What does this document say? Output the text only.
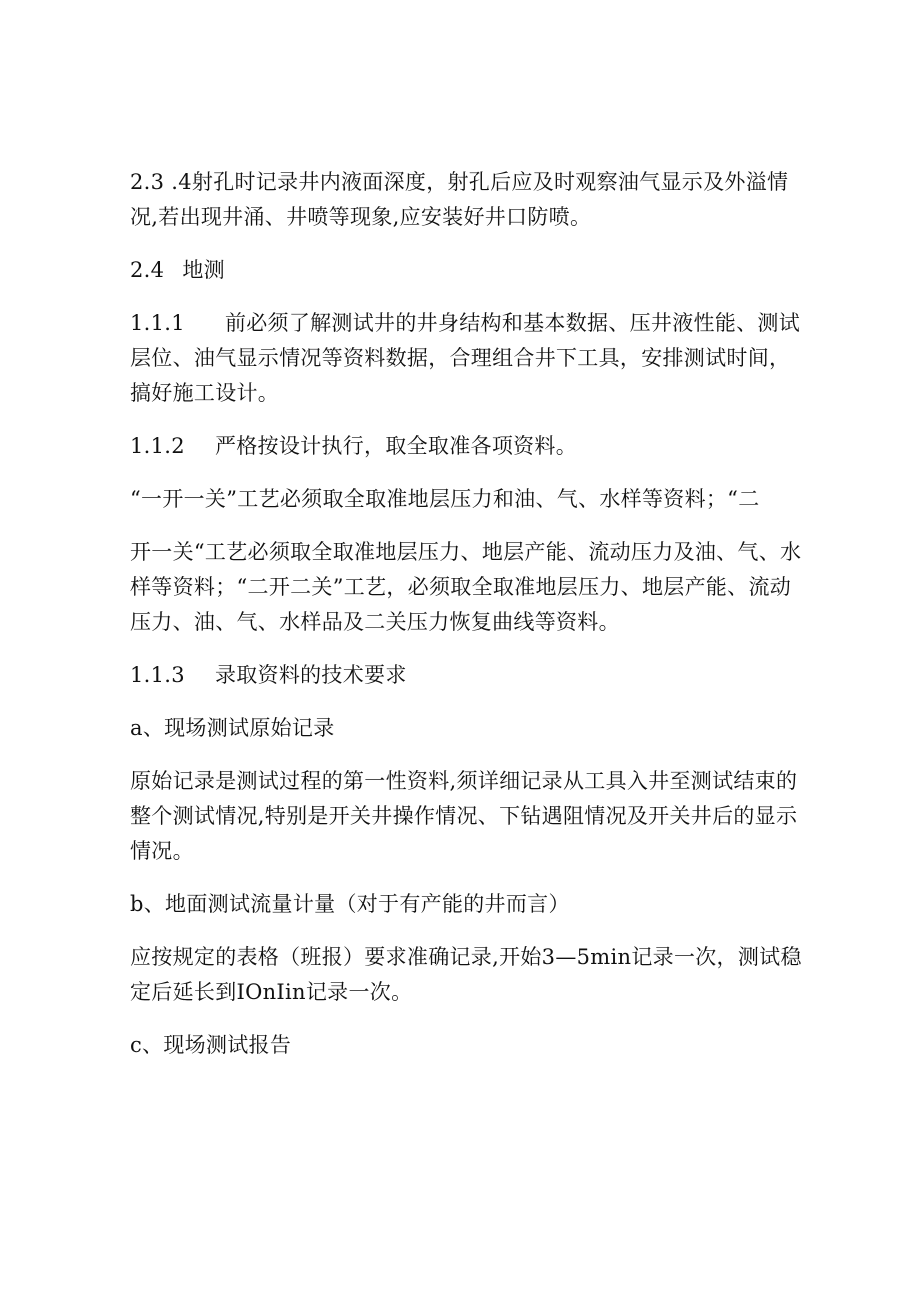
2.3 .4射孔时记录井内液面深度，射孔后应及时观察油气显示及外溢情况,若出现井涌、井喷等现象,应安装好井口防喷。

2.4 地测

1.1.1 前必须了解测试井的井身结构和基本数据、压井液性能、测试层位、油气显示情况等资料数据，合理组合井下工具，安排测试时间，搞好施工设计。

1.1.2 严格按设计执行，取全取准各项资料。

“一开一关”工艺必须取全取准地层压力和油、气、水样等资料；“二

开一关“工艺必须取全取准地层压力、地层产能、流动压力及油、气、水样等资料；“二开二关”工艺，必须取全取准地层压力、地层产能、流动压力、油、气、水样品及二关压力恢复曲线等资料。

1.1.3 录取资料的技术要求

a、现场测试原始记录

原始记录是测试过程的第一性资料,须详细记录从工具入井至测试结束的整个测试情况,特别是开关井操作情况、下钻遇阻情况及开关井后的显示情况。

b、地面测试流量计量（对于有产能的井而言）

应按规定的表格（班报）要求准确记录,开始3—5min记录一次，测试稳定后延长到IOnIin记录一次。

c、现场测试报告
